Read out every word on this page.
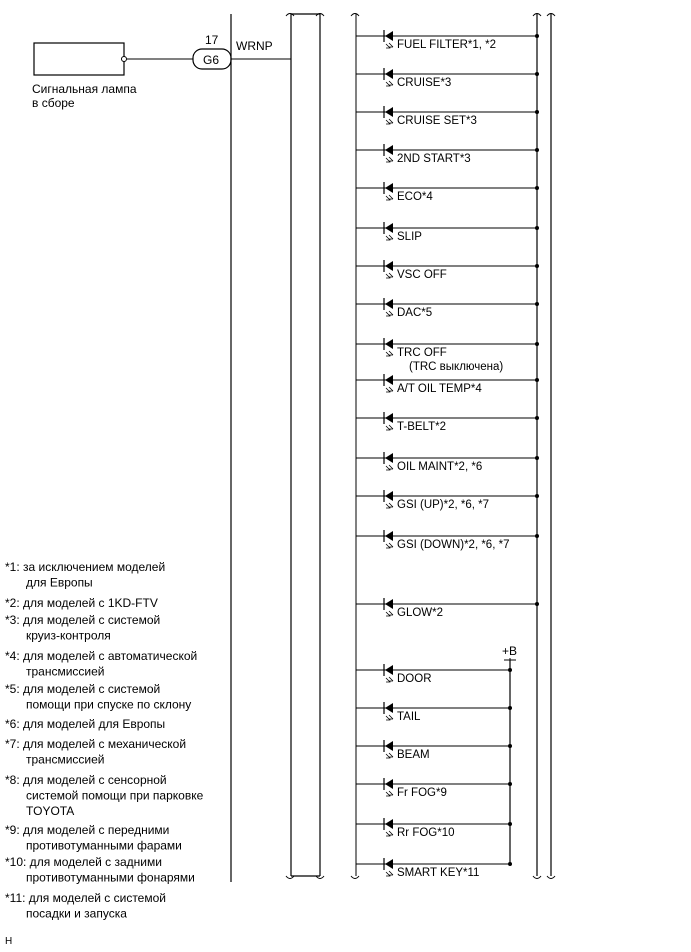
Сигнальная лампа
в сборе
17
G6
WRNP
+B
FUEL FILTER*1, *2
CRUISE*3
CRUISE SET*3
2ND START*3
ECO*4
SLIP
VSC OFF
DAC*5
TRC OFF
(TRC выключена)
A/T OIL TEMP*4
T-BELT*2
OIL MAINT*2, *6
GSI (UP)*2, *6, *7
GSI (DOWN)*2, *6, *7
GLOW*2
DOOR
TAIL
BEAM
Fr FOG*9
Rr FOG*10
SMART KEY*11
*1: за исключением моделей
для Европы
*2: для моделей с 1KD-FTV
*3: для моделей с системой
круиз-контроля
*4: для моделей с автоматической
трансмиссией
*5: для моделей с системой
помощи при спуске по склону
*6: для моделей для Европы
*7: для моделей с механической
трансмиссией
*8: для моделей с сенсорной
системой помощи при парковке
TOYOTA
*9: для моделей с передними
противотуманными фарами
*10: для моделей с задними
противотуманными фонарями
*11: для моделей с системой
посадки и запуска
H
